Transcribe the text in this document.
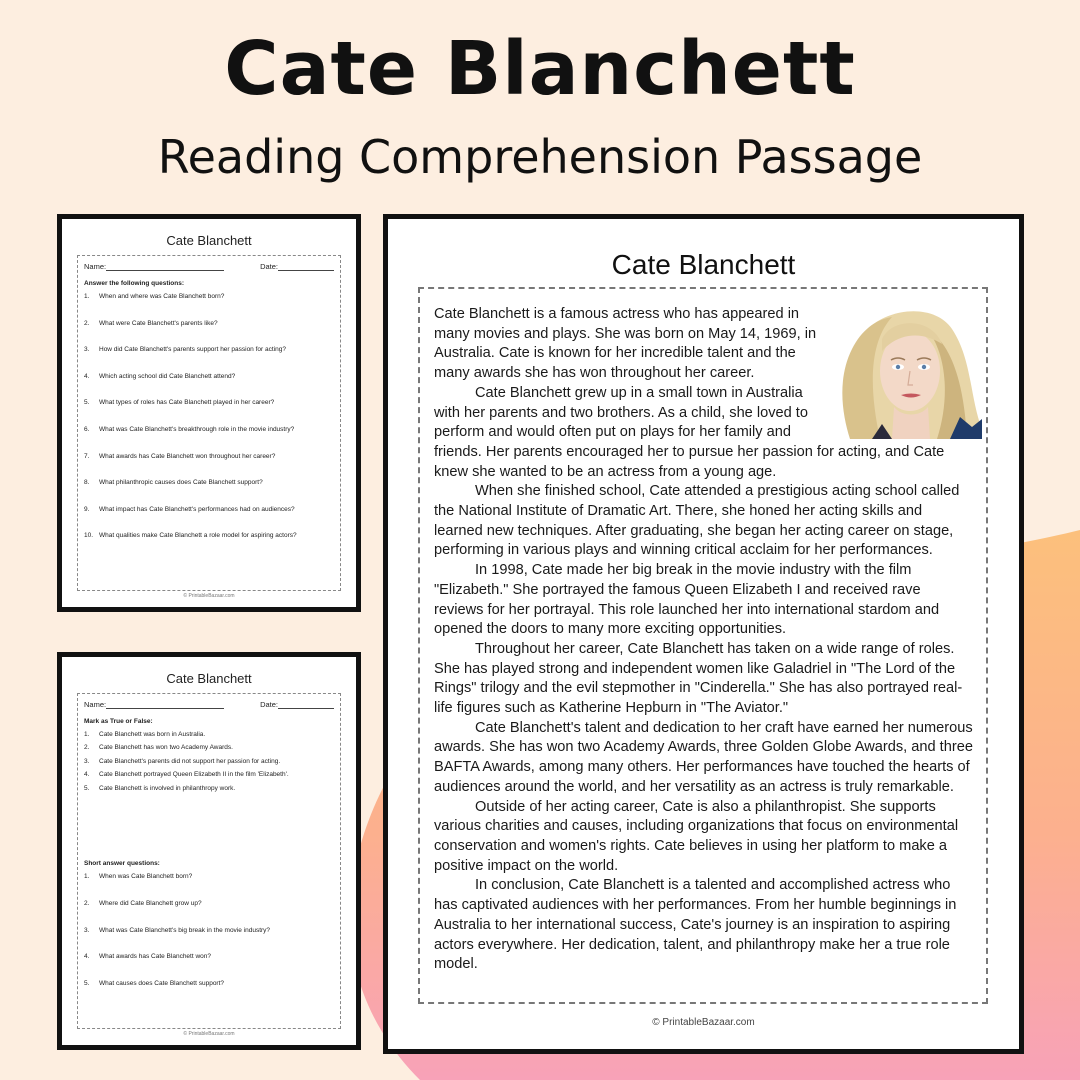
Cate Blanchett
Reading Comprehension Passage
Cate Blanchett
Name:	Date:
Answer the following questions:
1.	When and where was Cate Blanchett born?
2.	What were Cate Blanchett's parents like?
3.	How did Cate Blanchett's parents support her passion for acting?
4.	Which acting school did Cate Blanchett attend?
5.	What types of roles has Cate Blanchett played in her career?
6.	What was Cate Blanchett's breakthrough role in the movie industry?
7.	What awards has Cate Blanchett won throughout her career?
8.	What philanthropic causes does Cate Blanchett support?
9.	What impact has Cate Blanchett's performances had on audiences?
10. What qualities make Cate Blanchett a role model for aspiring actors?
© PrintableBazaar.com
Cate Blanchett
Name:	Date:
Mark as True or False:
1.	Cate Blanchett was born in Australia.
2.	Cate Blanchett has won two Academy Awards.
3.	Cate Blanchett's parents did not support her passion for acting.
4.	Cate Blanchett portrayed Queen Elizabeth II in the film 'Elizabeth'.
5.	Cate Blanchett is involved in philanthropy work.
Short answer questions:
1.	When was Cate Blanchett born?
2.	Where did Cate Blanchett grow up?
3.	What was Cate Blanchett's big break in the movie industry?
4.	What awards has Cate Blanchett won?
5.	What causes does Cate Blanchett support?
© PrintableBazaar.com
Cate Blanchett

Cate Blanchett is a famous actress who has appeared in many movies and plays. She was born on May 14, 1969, in Australia. Cate is known for her incredible talent and the many awards she has won throughout her career.

Cate Blanchett grew up in a small town in Australia with her parents and two brothers. As a child, she loved to perform and would often put on plays for her family and friends. Her parents encouraged her to pursue her passion for acting, and Cate knew she wanted to be an actress from a young age.

When she finished school, Cate attended a prestigious acting school called the National Institute of Dramatic Art. There, she honed her acting skills and learned new techniques. After graduating, she began her acting career on stage, performing in various plays and winning critical acclaim for her performances.

In 1998, Cate made her big break in the movie industry with the film "Elizabeth." She portrayed the famous Queen Elizabeth I and received rave reviews for her portrayal. This role launched her into international stardom and opened the doors to many more exciting opportunities.

Throughout her career, Cate Blanchett has taken on a wide range of roles. She has played strong and independent women like Galadriel in "The Lord of the Rings" trilogy and the evil stepmother in "Cinderella." She has also portrayed real-life figures such as Katherine Hepburn in "The Aviator."

Cate Blanchett's talent and dedication to her craft have earned her numerous awards. She has won two Academy Awards, three Golden Globe Awards, and three BAFTA Awards, among many others. Her performances have touched the hearts of audiences around the world, and her versatility as an actress is truly remarkable.

Outside of her acting career, Cate is also a philanthropist. She supports various charities and causes, including organizations that focus on environmental conservation and women's rights. Cate believes in using her platform to make a positive impact on the world.

In conclusion, Cate Blanchett is a talented and accomplished actress who has captivated audiences with her performances. From her humble beginnings in Australia to her international success, Cate's journey is an inspiration to aspiring actors everywhere. Her dedication, talent, and philanthropy make her a true role model.

© PrintableBazaar.com
